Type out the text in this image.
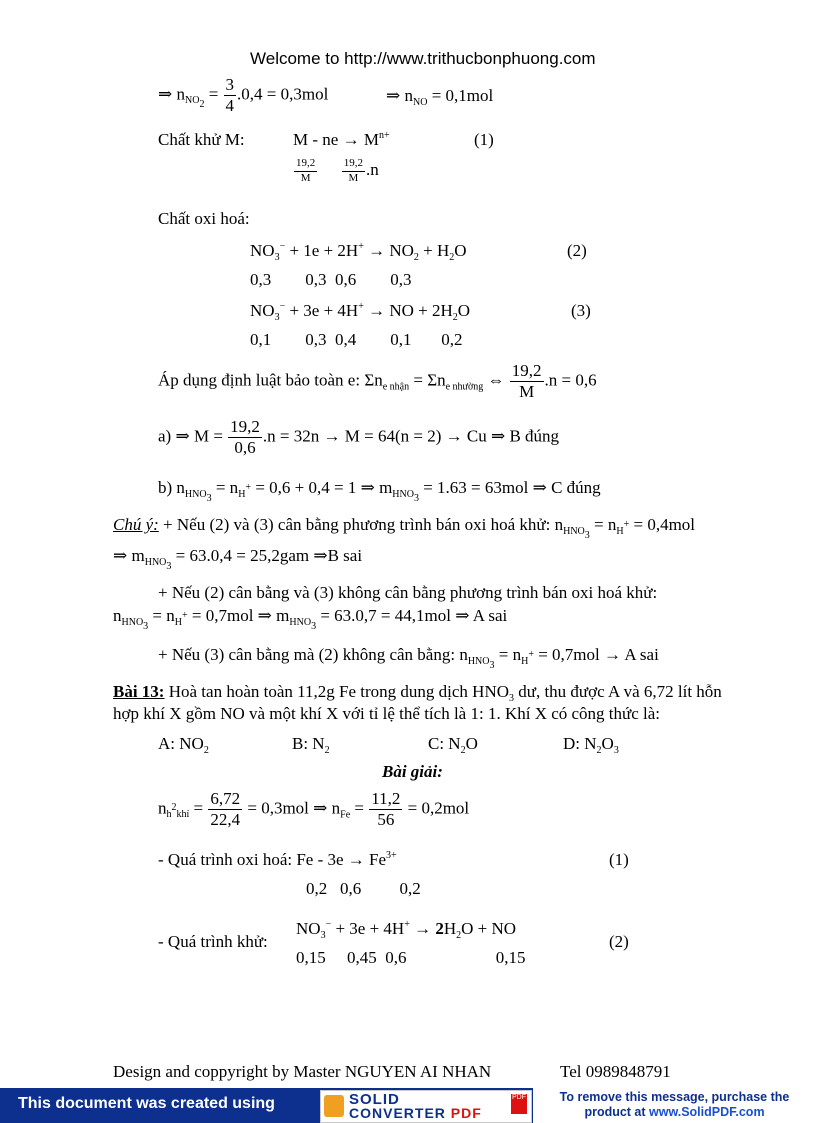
Welcome to http://www.trithucbonphuong.com
⇒ $n_{NO_2} = \frac{3}{4} .0,4 = 0,3mol$	⇒ $n_{NO} = 0,1mol$
Chất khử M:	M - ne → $M^{n+}$	(1)
$\frac{19,2}{M}$
$\frac{19,2}{M} .n$
Chất oxi hoá:
$NO_3^- + 1e + 2H^+ \to NO_2 + H_2O$	(2)
0,3        0,3  0,6        0,3
$NO_3^- + 3e + 4H^+$ → NO + $2H_2O$	(3)
0,1        0,3  0,4        0,1       0,2
Áp dụng định luật bảo toàn e: $\Sigma n_{e nhận} = \Sigma n_{e nhường}$ ⇔ $\frac{19,2}{M} .n = 0,6$
a) ⇒ $M = \frac{19,2}{0,6} .n = 32n \to M = 64(n = 2) \to Cu$ ⇒ B đúng
b) $n_{HNO_3} = n_{H^+} = 0,6 + 0,4 = 1$ ⇒ $m_{HNO_3} = 1.63 = 63mol$ ⇒ C đúng
Chú ý: + Nếu (2) và (3) cân bằng phương trình bán oxi hoá khử: $n_{HNO_3} = n_{H^+} = 0,4mol$
⇒ $m_{HNO_3} = 63.0,4 = 25,2gam$ ⇒B sai
+ Nếu (2) cân bằng và (3) không cân bằng phương trình bán oxi hoá khử:
$n_{HNO_3} = n_{H^+} = 0,7mol$ ⇒ $m_{HNO_3} = 63.0,7 = 44,1mol$ ⇒ A sai
+ Nếu (3) cân bằng mà (2) không cân bằng: $n_{HNO_3} = n_{H^+} = 0,7mol \to A$ sai
Bài 13: Hoà tan hoàn toàn 11,2g Fe trong dung dịch $HNO_3$ dư, thu được A và 6,72 lít hỗn
hợp khí X gồm NO và một khí X với tỉ lệ thể tích là 1: 1. Khí X có công thức là:
A: $NO_2$	B: $N_2$	C: $N_2O$	D: $N_2O_3$
Bài giải:
$n_{h^2khí} = \frac{6,72}{22,4} = 0,3mol$ ⇒ $n_{Fe} = \frac{11,2}{56} = 0,2mol$
- Quá trình oxi hoá: $Fe - 3e \to Fe^{3+}$	(1)
0,2   0,6         0,2
- Quá trình khử:
$NO_3^- + 3e + 4H^+ \to 2H_2O$ + NO
(2)
0,15     0,45  0,6                     0,15
Design and coppyright by Master NGUYEN AI NHAN	Tel 0989848791
This document was created using	SOLID
CONVERTER PDF
PDF	To remove this message, purchase the
product at www.SolidPDF.com
